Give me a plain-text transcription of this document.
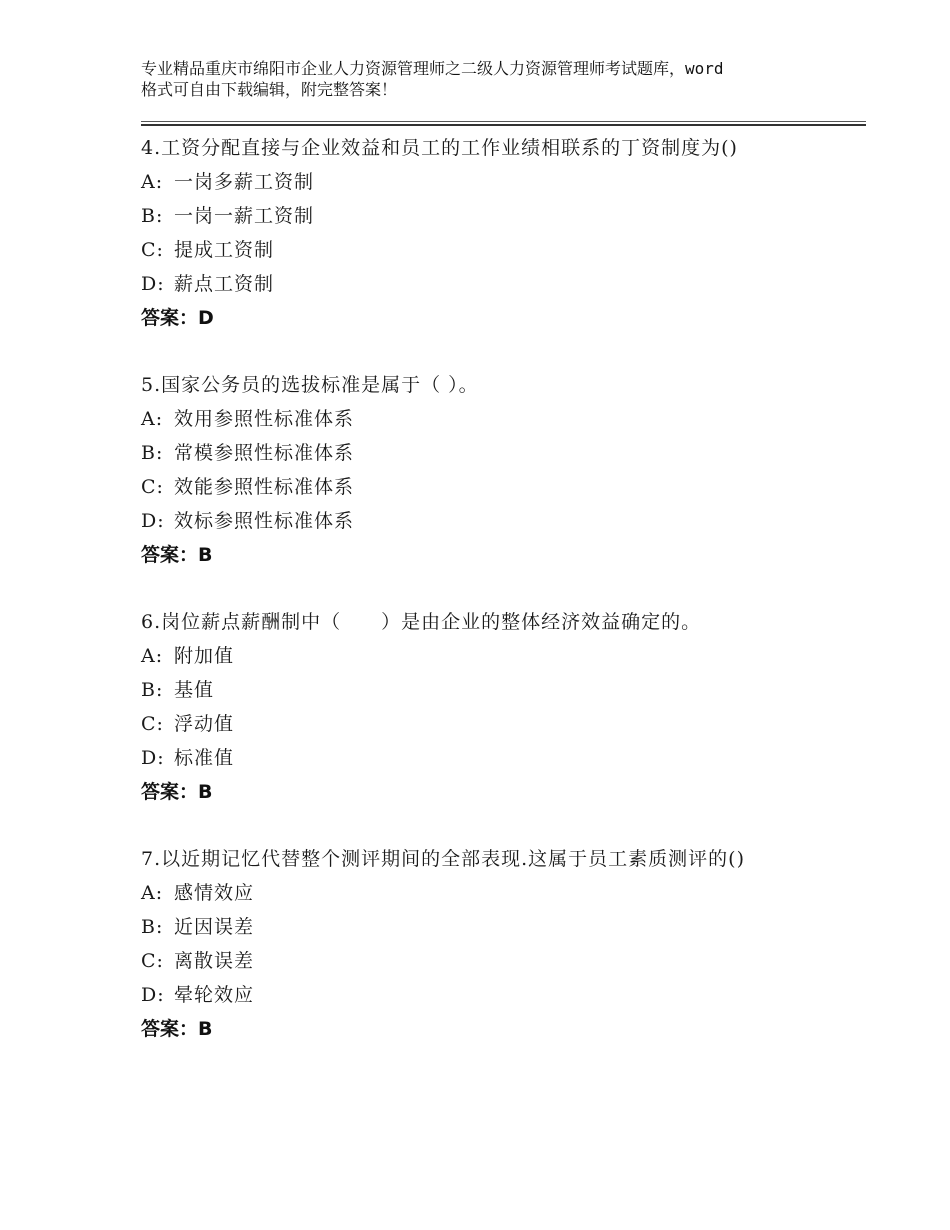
专业精品重庆市绵阳市企业人力资源管理师之二级人力资源管理师考试题库，word
格式可自由下载编辑，附完整答案！
4.工资分配直接与企业效益和员工的工作业绩相联系的丁资制度为()
A: 一岗多薪工资制
B: 一岗一薪工资制
C: 提成工资制
D: 薪点工资制
答案：D
5.国家公务员的选拔标准是属于（ ）。
A: 效用参照性标准体系
B: 常模参照性标准体系
C: 效能参照性标准体系
D: 效标参照性标准体系
答案：B
6.岗位薪点薪酬制中（　　）是由企业的整体经济效益确定的。
A: 附加值
B: 基值
C: 浮动值
D: 标准值
答案：B
7.以近期记忆代替整个测评期间的全部表现.这属于员工素质测评的()
A: 感情效应
B: 近因误差
C: 离散误差
D: 晕轮效应
答案：B
